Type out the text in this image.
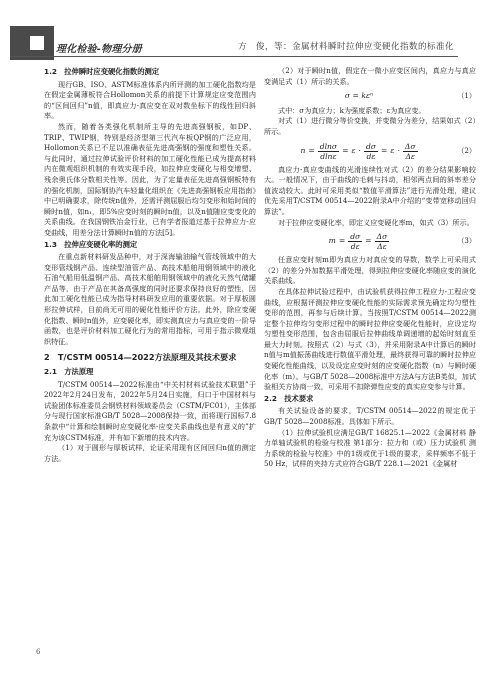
理化检验-物理分册	方　俊，等：金属材料瞬时拉伸应变硬化指数的标准化
1.2　拉伸瞬时应变硬化指数的测定

现行GB、ISO、ASTM标准体系内所评测的加工硬化指数均是在假定金属薄板符合Hollomon关系的前提下计算规定应变范围内的“区间回归”n值，即真应力-真应变在双对数坐标下的线性回归斜率。

然而，随着各类强化机制所主导的先进高强钢板，如DP、TRIP、TWIP钢，特别是经济型第三代汽车板QP钢的广泛应用，Hollomon关系已不足以准确表征先进高强钢的强度和塑性关系。与此同时，通过拉伸试验评价材料的加工硬化性能已成为提高材料内在微观组织机制的有效实现手段，如拉伸应变硬化与相变增塑、残余奥氏体分数相关性等。因此，为了定量表征先进高强钢板特有的强化机制，国际钢协汽车轻量化组织在《先进高强钢板应用指南》中已明确要求，除传统n值外，还需评测屈服后均匀变形和始时间的瞬时n值，如n₁，即5%应变时刻的瞬时n值，以及n值随应变变化的关系曲线。在我国钢铁冶金行业，已有学者报道过基于拉伸应力-应变曲线，用差分法计算瞬时n值的方法[5]。

1.3　拉伸应变硬化率的测定

在重点新材料研发品种中，对于深海输油输气管线领域中的大变形管线钢产品、连续型油管产品、高技术船舶用钢领域中的液化石油气船用低温钢产品、高技术船舶用钢领域中的液化天然气储罐产品等，由于产品在其备高强度的同时还要求保持良好的塑性，因此加工硬化性能已成为指导材料研发应用的重要依据。对于厚板圆形拉伸试样，目前尚无可用的硬化性能评价方法。此外，除应变硬化指数、瞬时n值外，应变硬化率，即实测真应力与真应变的一阶导函数，也是评价材料加工硬化行为的常用指标，可用于指示微观组织特征。

2　T/CSTM 00514—2022方法原理及其技术要求
2.1　方法原理

T/CSTM 00514—2022标准由“中关村材料试验技术联盟”于2022年2月24日发布，2022年5月24日实施，归口于中国材料与试验团体标准委员会钢铁材料领域委员会（CSTM/FC01），主体部分与现行国家标准GB/T 5028—2008保持一致，而将现行国标7.8条款中“计算和绘制瞬时应变硬化率-应变关系曲线也是有意义的”扩充为该CSTM标准，并有如下新增的技术内容。

（1）对于圆形与厚板试样，论证采用现有区间回归n值的测定方法。

（2）对于瞬时n值，假定在一微小应变区间内，真应力与真应变满足式（1）所示的关系。

σ = kεⁿ	（1）

式中：σ为真应力；k为强度系数；ε为真应变。

对式（1）进行微分等价变换，并变微分为差分，结果如式（2）所示。

$n = \frac{dln\sigma}{dln\varepsilon} = \varepsilon \cdot \frac{d\sigma}{d\varepsilon} = \varepsilon \cdot \frac{\Delta\sigma}{\Delta\varepsilon}$	（2）

真应力-真应变曲线的光滑连续性对式（2）的差分结果影响较大。一般情况下，由于曲线的毛刺与抖动，相邻两点间的斜率差分值波动较大。此时可采用类似“数值平滑算法”进行光滑处理，建议优先采用T/CSTM 00514—2022附录A中介绍的“变带宽移动回归算法”。

对于拉伸应变硬化率，即定义应变硬化率m，如式（3）所示。

$m = \frac{d\sigma}{d\varepsilon} = \frac{\Delta\sigma}{\Delta\varepsilon}$	（3）

任意应变时刻m即为真应力对真应变的导数，数学上可采用式（2）的差分外加数据平滑处理，得到拉伸应变硬化率随应变的演化关系曲线。

在具体拉伸试验过程中，由试验机获得拉伸工程应力-工程应变曲线，应根据评测拉伸应变硬化性能的实际需求预先确定均匀塑性变形的范围，再参与后续计算。当按照T/CSTM 00514—2022测定整个拉伸均匀变形过程中的瞬时拉伸应变硬化性能时，应设定均匀塑性变形范围，包含由屈服后拉伸曲线单调递增的起始时刻直至最大力时刻。按照式（2）与式（3），并采用附录A中计算后的瞬时n值与m值振荡曲线进行数值平滑处理，最终获得可靠的瞬时拉伸应变硬化性能曲线，以及设定应变时刻的应变硬化指数（n）与瞬时硬化率（m）。与GB/T 5028—2008标准中方法A与方法B类似，加试验相关方协商一致，可采用不扣除弹性应变的真实应变参与计算。

2.2　技术要求

有关试验设备的要求，T/CSTM 00514—2022的规定优于GB/T 5028—2008标准。具体如下所示。

（1）拉伸试验机应满足GB/T 16825.1—2022《金属材料 静力单轴试验机的检验与校准 第1部分：拉力和（或）压力试验机 测力系统的检验与校准》中的1级或优于1级的要求，采样频率不低于50 Hz，试样的夹持方式应符合GB/T 228.1—2021《金属材

6
